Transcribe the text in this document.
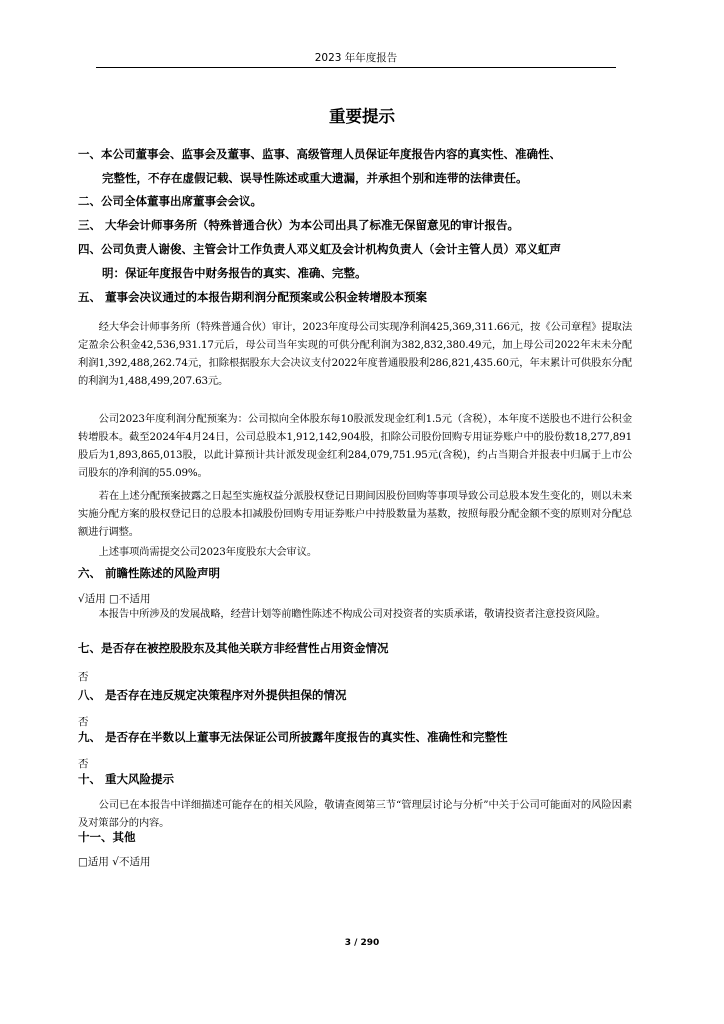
2023 年年度报告
重要提示
一、本公司董事会、监事会及董事、监事、高级管理人员保证年度报告内容的真实性、准确性、
完整性，不存在虚假记载、误导性陈述或重大遗漏，并承担个别和连带的法律责任。
二、公司全体董事出席董事会会议。
三、 大华会计师事务所（特殊普通合伙）为本公司出具了标准无保留意见的审计报告。
四、公司负责人谢俊、主管会计工作负责人邓义虹及会计机构负责人（会计主管人员）邓义虹声
明：保证年度报告中财务报告的真实、准确、完整。
五、 董事会决议通过的本报告期利润分配预案或公积金转增股本预案
经大华会计师事务所（特殊普通合伙）审计，2023年度母公司实现净利润425,369,311.66元，按《公司章程》提取法定盈余公积金42,536,931.17元后，母公司当年实现的可供分配利润为382,832,380.49元，加上母公司2022年末未分配利润1,392,488,262.74元，扣除根据股东大会决议支付2022年度普通股股利286,821,435.60元，年末累计可供股东分配的利润为1,488,499,207.63元。
公司2023年度利润分配预案为：公司拟向全体股东每10股派发现金红利1.5元（含税），本年度不送股也不进行公积金转增股本。截至2024年4月24日，公司总股本1,912,142,904股，扣除公司股份回购专用证券账户中的股份数18,277,891股后为1,893,865,013股，以此计算预计共计派发现金红利284,079,751.95元(含税)，约占当期合并报表中归属于上市公司股东的净利润的55.09%。
若在上述分配预案披露之日起至实施权益分派股权登记日期间因股份回购等事项导致公司总股本发生变化的，则以未来实施分配方案的股权登记日的总股本扣减股份回购专用证券账户中持股数量为基数，按照每股分配金额不变的原则对分配总额进行调整。
上述事项尚需提交公司2023年度股东大会审议。
六、 前瞻性陈述的风险声明
√适用 □不适用
本报告中所涉及的发展战略，经营计划等前瞻性陈述不构成公司对投资者的实质承诺，敬请投资者注意投资风险。
七、是否存在被控股股东及其他关联方非经营性占用资金情况
否
八、 是否存在违反规定决策程序对外提供担保的情况
否
九、 是否存在半数以上董事无法保证公司所披露年度报告的真实性、准确性和完整性
否
十、 重大风险提示
公司已在本报告中详细描述可能存在的相关风险，敬请查阅第三节“管理层讨论与分析”中关于公司可能面对的风险因素及对策部分的内容。
十一、其他
□适用 √不适用
3 / 290
